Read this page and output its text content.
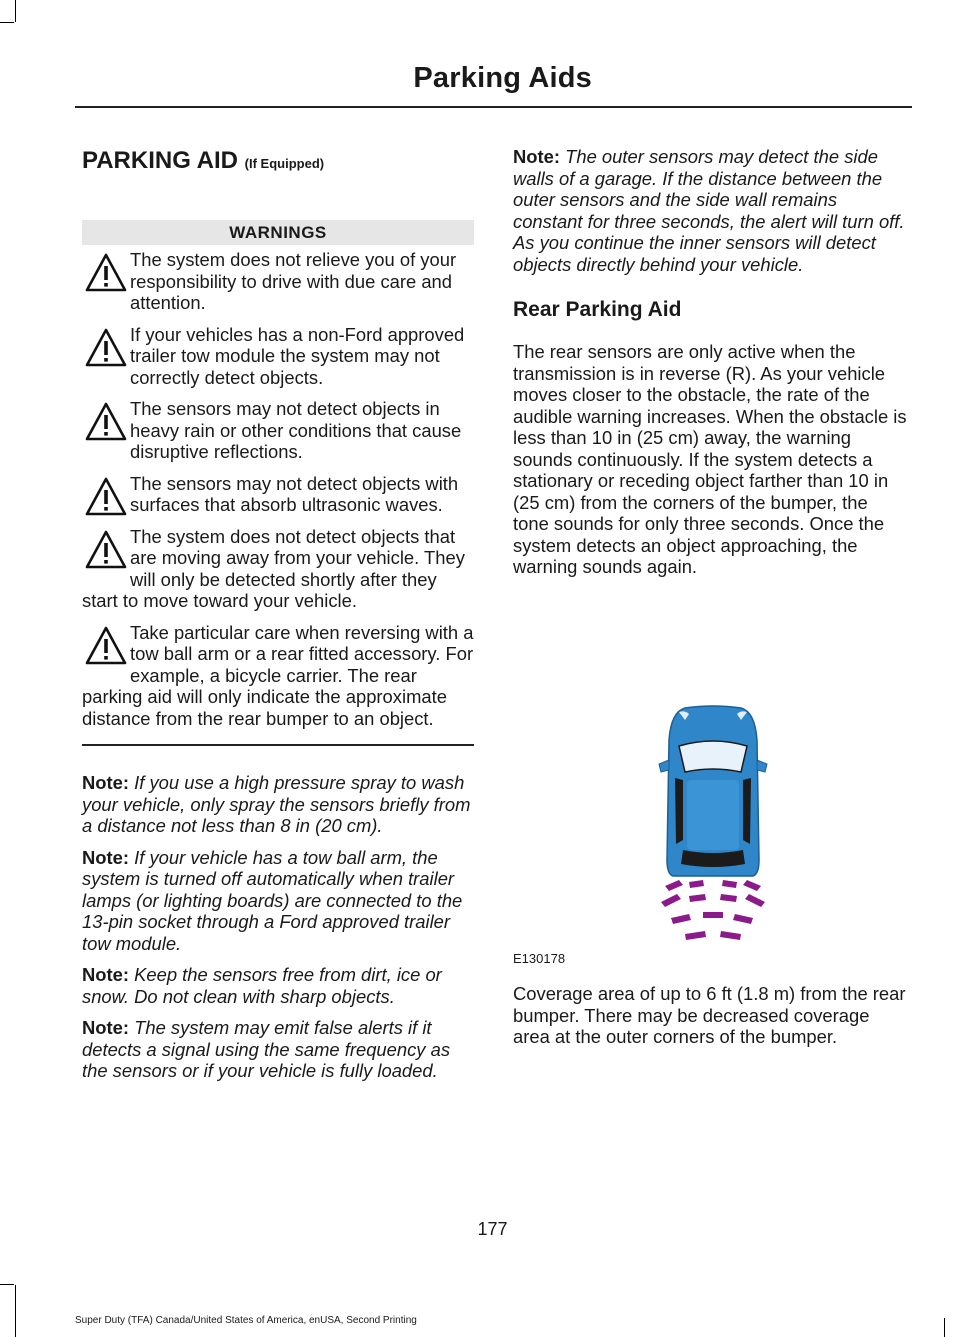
Parking Aids
PARKING AID (If Equipped)
WARNINGS
The system does not relieve you of your responsibility to drive with due care and attention.
If your vehicles has a non-Ford approved trailer tow module the system may not correctly detect objects.
The sensors may not detect objects in heavy rain or other conditions that cause disruptive reflections.
The sensors may not detect objects with surfaces that absorb ultrasonic waves.
The system does not detect objects that are moving away from your vehicle. They will only be detected shortly after they start to move toward your vehicle.
Take particular care when reversing with a tow ball arm or a rear fitted accessory. For example, a bicycle carrier. The rear parking aid will only indicate the approximate distance from the rear bumper to an object.

Note: If you use a high pressure spray to wash your vehicle, only spray the sensors briefly from a distance not less than 8 in (20 cm).

Note: If your vehicle has a tow ball arm, the system is turned off automatically when trailer lamps (or lighting boards) are connected to the 13-pin socket through a Ford approved trailer tow module.

Note: Keep the sensors free from dirt, ice or snow. Do not clean with sharp objects.

Note: The system may emit false alerts if it detects a signal using the same frequency as the sensors or if your vehicle is fully loaded.

Note: The outer sensors may detect the side walls of a garage. If the distance between the outer sensors and the side wall remains constant for three seconds, the alert will turn off. As you continue the inner sensors will detect objects directly behind your vehicle.

Rear Parking Aid

The rear sensors are only active when the transmission is in reverse (R). As your vehicle moves closer to the obstacle, the rate of the audible warning increases. When the obstacle is less than 10 in (25 cm) away, the warning sounds continuously. If the system detects a stationary or receding object farther than 10 in (25 cm) from the corners of the bumper, the tone sounds for only three seconds. Once the system detects an object approaching, the warning sounds again.

E130178

Coverage area of up to 6 ft (1.8 m) from the rear bumper. There may be decreased coverage area at the outer corners of the bumper.

177
Super Duty (TFA) Canada/United States of America, enUSA, Second Printing
